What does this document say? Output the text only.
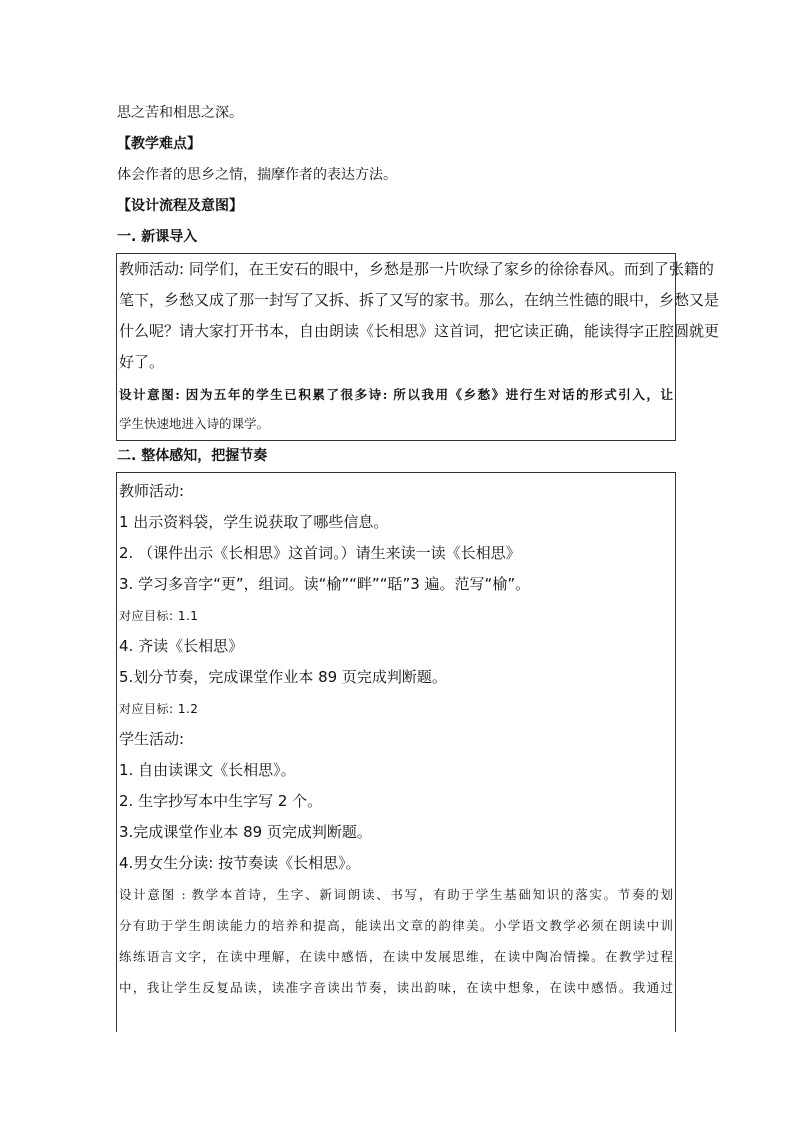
思之苦和相思之深。
【教学难点】
体会作者的思乡之情，揣摩作者的表达方法。
【设计流程及意图】
一. 新课导入
教师活动: 同学们，在王安石的眼中，乡愁是那一片吹绿了家乡的徐徐春风。而到了张籍的
笔下，乡愁又成了那一封写了又拆、拆了又写的家书。那么，在纳兰性德的眼中，乡愁又是
什么呢？请大家打开书本，自由朗读《长相思》这首词，把它读正确，能读得字正腔圆就更
好了。
设计意图: 因为五年的学生已积累了很多诗: 所以我用《乡愁》进行生对话的形式引入，让
学生快速地进入诗的课学。
二. 整体感知，把握节奏
教师活动:
1 出示资料袋，学生说获取了哪些信息。
2. （课件出示《长相思》这首词。）请生来读一读《长相思》
3. 学习多音字“更”，组词。读“榆”“畔”“聒”3 遍。范写“榆”。
对应目标: 1.1
4. 齐读《长相思》
5.划分节奏，完成课堂作业本 89 页完成判断题。
对应目标: 1.2
学生活动:
1. 自由读课文《长相思》。
2. 生字抄写本中生字写 2 个。
3.完成课堂作业本 89 页完成判断题。
4.男女生分读: 按节奏读《长相思》。
设计意图 : 教学本首诗，生字、新词朗读、书写，有助于学生基础知识的落实。节奏的划
分有助于学生朗读能力的培养和提高，能读出文章的韵律美。小学语文教学必须在朗读中训
练练语言文字，在读中理解，在读中感悟，在读中发展思维，在读中陶冶情操。在教学过程
中，我让学生反复品读，读准字音读出节奏，读出韵味，在读中想象，在读中感悟。我通过
